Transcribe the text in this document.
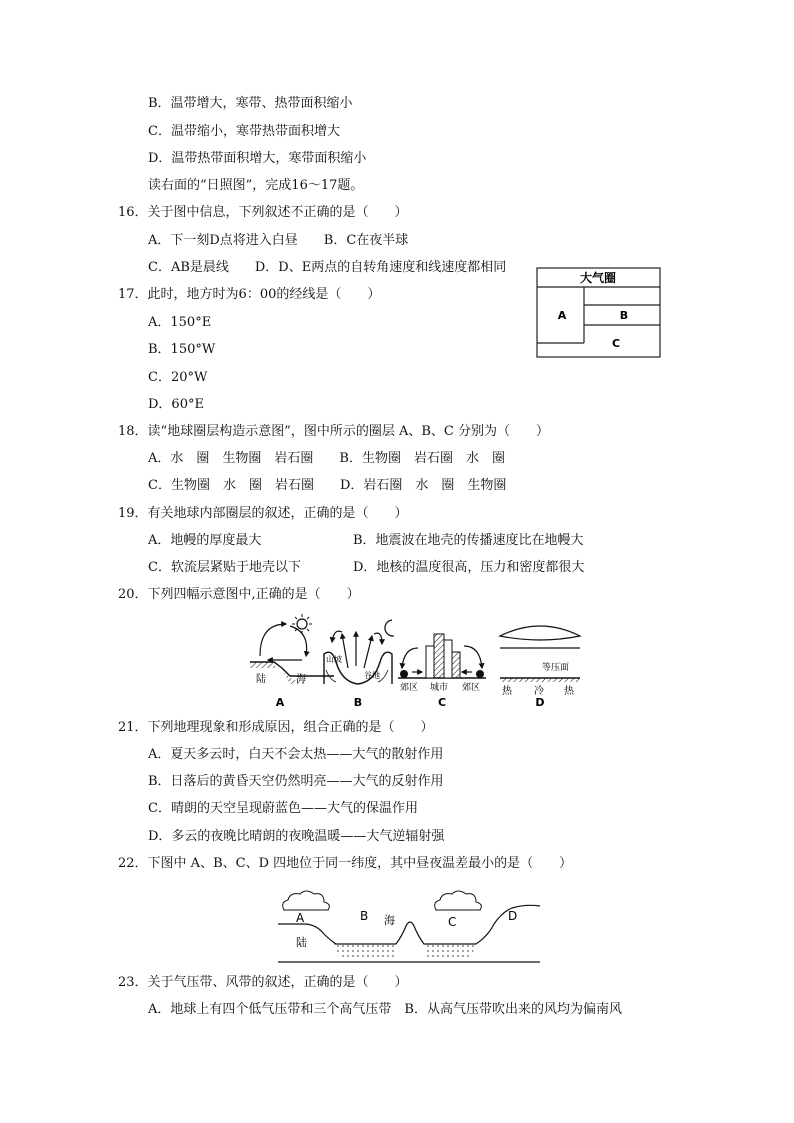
B．温带增大，寒带、热带面积缩小
C．温带缩小，寒带热带面积增大
D．温带热带面积增大，寒带面积缩小
读右面的“日照图”，完成16～17题。
16．关于图中信息，下列叙述不正确的是（　　）
A．下一刻D点将进入白昼　　B．C在夜半球
C．AB是晨线　　D．D、E两点的自转角速度和线速度都相同
17．此时，地方时为6：00的经线是（　　）
A．150°E
B．150°W
C．20°W
D．60°E
18．读“地球圈层构造示意图”，图中所示的圈层 A、B、C 分别为（　　）
A．水　圈　生物圈　岩石圈　　B．生物圈　岩石圈　水　圈
C．生物圈　水　圈　岩石圈　　D．岩石圈　水　圈　生物圈
19．有关地球内部圈层的叙述，正确的是（　　）
A．地幔的厚度最大	B．地震波在地壳的传播速度比在地幔大
C．软流层紧贴于地壳以下	D．地核的温度很高，压力和密度都很大
20．下列四幅示意图中,正确的是（　　）
21．下列地理现象和形成原因，组合正确的是（　　）
A．夏天多云时，白天不会太热——大气的散射作用
B．日落后的黄昏天空仍然明亮——大气的反射作用
C．晴朗的天空呈现蔚蓝色——大气的保温作用
D．多云的夜晚比晴朗的夜晚温暖——大气逆辐射强
22．下图中 A、B、C、D 四地位于同一纬度，其中昼夜温差最小的是（　　）
23．关于气压带、风带的叙述，正确的是（　　）
A．地球上有四个低气压带和三个高气压带　B．从高气压带吹出来的风均为偏南风
大气圈
A	B
C
陆	海
A
山坡
谷地
B
郊区 城市 郊区
C
等压面
热 冷 热
D
A	B 海	C	D
陆
